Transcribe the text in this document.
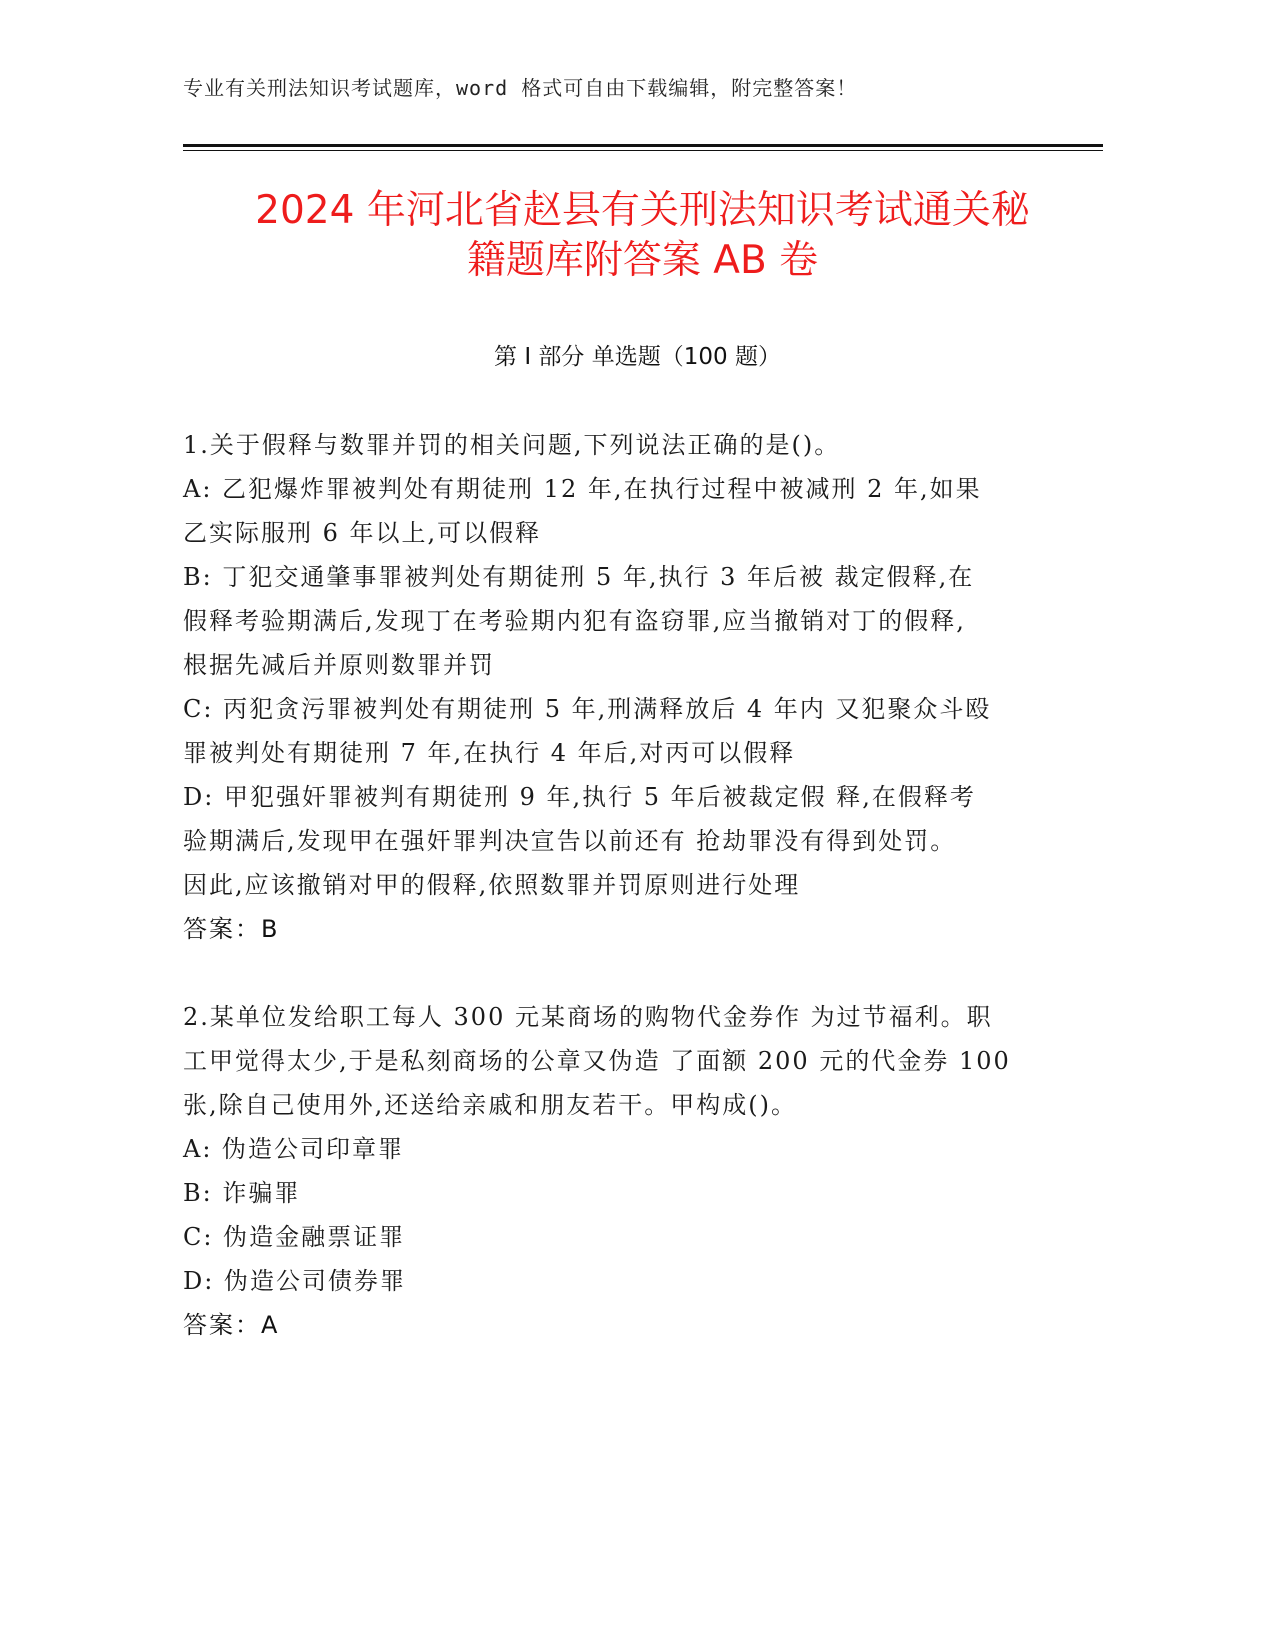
专业有关刑法知识考试题库，word 格式可自由下载编辑，附完整答案！
2024 年河北省赵县有关刑法知识考试通关秘
籍题库附答案 AB 卷
第 I 部分 单选题（100 题）
1.关于假释与数罪并罚的相关问题,下列说法正确的是()。
A: 乙犯爆炸罪被判处有期徒刑 12 年,在执行过程中被减刑 2 年,如果
乙实际服刑 6 年以上,可以假释
B: 丁犯交通肇事罪被判处有期徒刑 5 年,执行 3 年后被 裁定假释,在
假释考验期满后,发现丁在考验期内犯有盗窃罪,应当撤销对丁的假释,
根据先减后并原则数罪并罚
C: 丙犯贪污罪被判处有期徒刑 5 年,刑满释放后 4 年内 又犯聚众斗殴
罪被判处有期徒刑 7 年,在执行 4 年后,对丙可以假释
D: 甲犯强奸罪被判有期徒刑 9 年,执行 5 年后被裁定假 释,在假释考
验期满后,发现甲在强奸罪判决宣告以前还有 抢劫罪没有得到处罚。
因此,应该撤销对甲的假释,依照数罪并罚原则进行处理
答案：B
2.某单位发给职工每人 300 元某商场的购物代金券作 为过节福利。职
工甲觉得太少,于是私刻商场的公章又伪造 了面额 200 元的代金券 100
张,除自己使用外,还送给亲戚和朋友若干。甲构成()。
A: 伪造公司印章罪
B: 诈骗罪
C: 伪造金融票证罪
D: 伪造公司债券罪
答案：A
